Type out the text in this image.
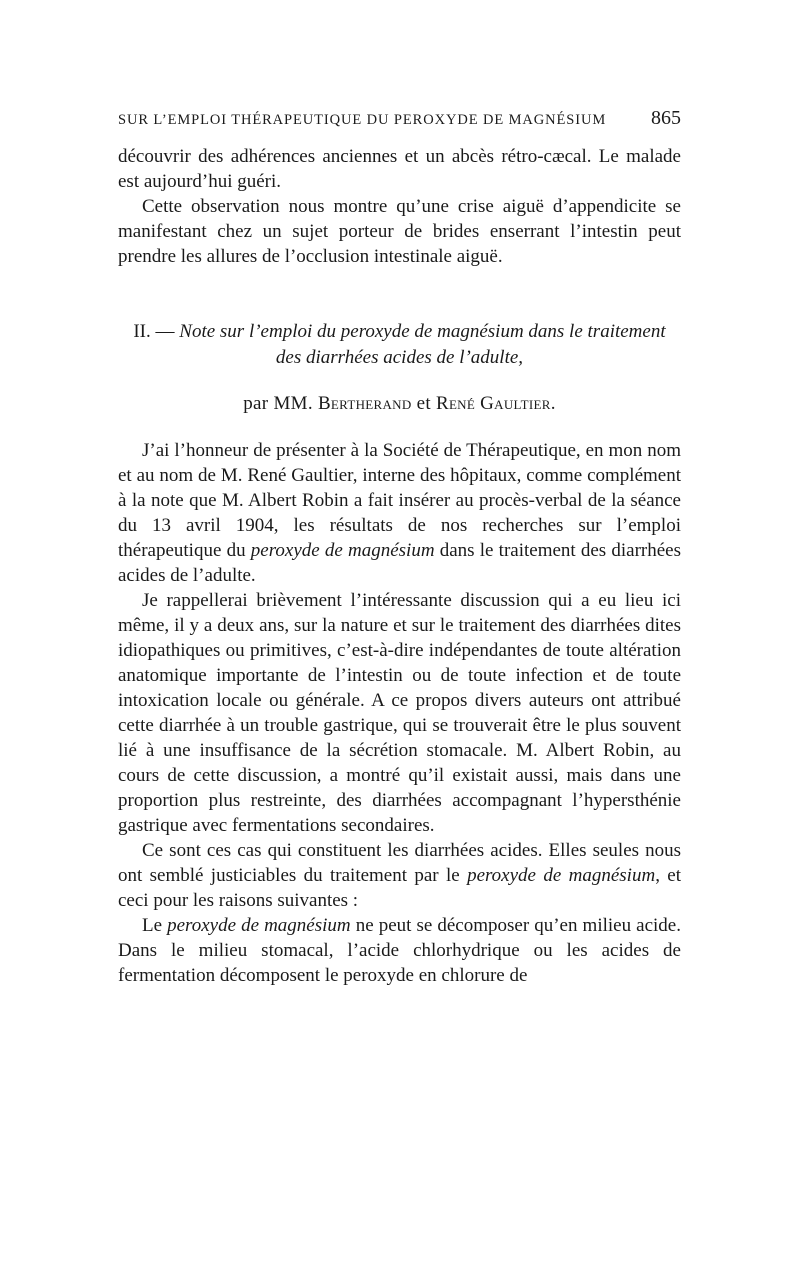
SUR L’EMPLOI THÉRAPEUTIQUE DU PEROXYDE DE MAGNÉSIUM 865

découvrir des adhérences anciennes et un abcès rétro-cæcal. Le malade est aujourd’hui guéri.

Cette observation nous montre qu’une crise aiguë d’appendicite se manifestant chez un sujet porteur de brides enserrant l’intestin peut prendre les allures de l’occlusion intestinale aiguë.

II. — Note sur l’emploi du peroxyde de magnésium dans le traitement
des diarrhées acides de l’adulte,
par MM. Bertherand et René Gaultier.

J’ai l’honneur de présenter à la Société de Thérapeutique, en mon nom et au nom de M. René Gaultier, interne des hôpitaux, comme complément à la note que M. Albert Robin a fait insérer au procès-verbal de la séance du 13 avril 1904, les résultats de nos recherches sur l’emploi thérapeutique du peroxyde de magnésium dans le traitement des diarrhées acides de l’adulte.

Je rappellerai brièvement l’intéressante discussion qui a eu lieu ici même, il y a deux ans, sur la nature et sur le traitement des diarrhées dites idiopathiques ou primitives, c’est-à-dire indépendantes de toute altération anatomique importante de l’intestin ou de toute infection et de toute intoxication locale ou générale. A ce propos divers auteurs ont attribué cette diarrhée à un trouble gastrique, qui se trouverait être le plus souvent lié à une insuffisance de la sécrétion stomacale. M. Albert Robin, au cours de cette discussion, a montré qu’il existait aussi, mais dans une proportion plus restreinte, des diarrhées accompagnant l’hypersthénie gastrique avec fermentations secondaires.

Ce sont ces cas qui constituent les diarrhées acides. Elles seules nous ont semblé justiciables du traitement par le peroxyde de magnésium, et ceci pour les raisons suivantes :

Le peroxyde de magnésium ne peut se décomposer qu’en milieu acide. Dans le milieu stomacal, l’acide chlorhydrique ou les acides de fermentation décomposent le peroxyde en chlorure de
